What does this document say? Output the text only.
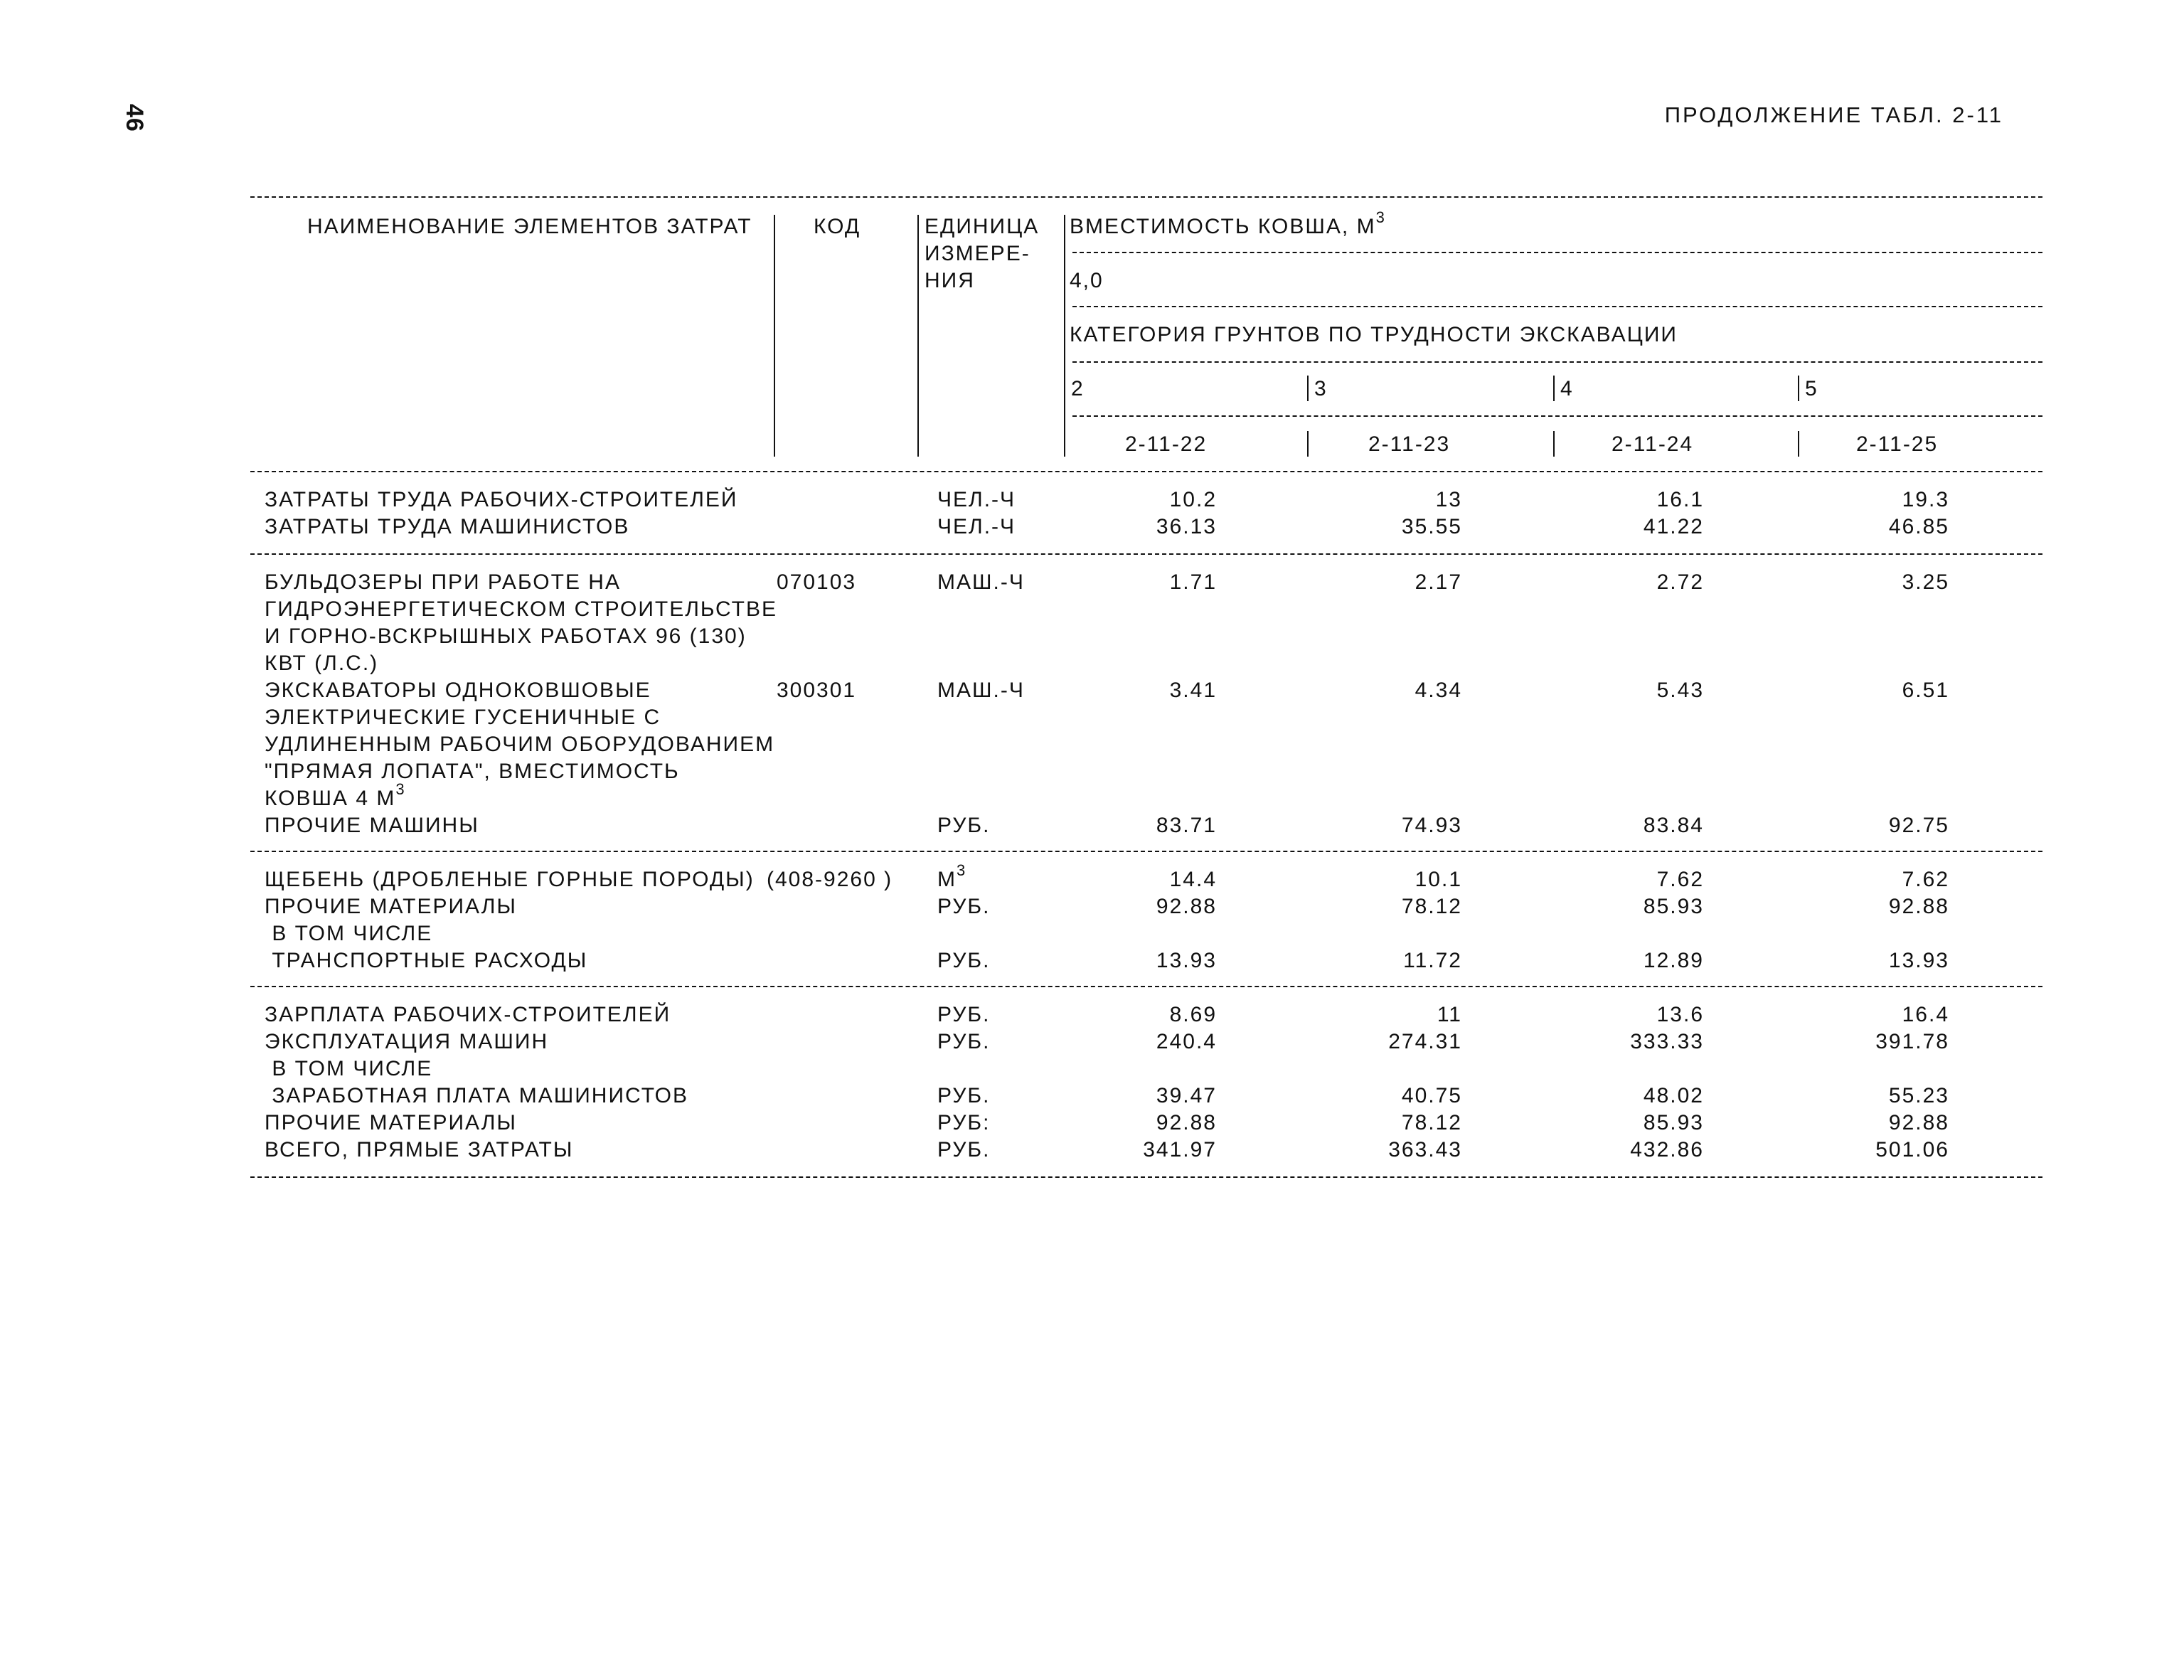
46	ПРОДОЛЖЕНИЕ ТАБЛ. 2-11
НАИМЕНОВАНИЕ ЭЛЕМЕНТОВ ЗАТРАТ	КОД	ЕДИНИЦА
ИЗМЕРЕ-
НИЯ
ВМЕСТИМОСТЬ КОВША, $М^3$
4,0
КАТЕГОРИЯ ГРУНТОВ ПО ТРУДНОСТИ ЭКСКАВАЦИИ
2	3	4	5
2-11-22	2-11-23	2-11-24	2-11-25
ЗАТРАТЫ ТРУДА РАБОЧИХ-СТРОИТЕЛЕЙ	ЧЕЛ.-Ч	10.2	13	16.1	19.3
ЗАТРАТЫ ТРУДА МАШИНИСТОВ	ЧЕЛ.-Ч	36.13	35.55	41.22	46.85
БУЛЬДОЗЕРЫ ПРИ РАБОТЕ НА
ГИДРОЭНЕРГЕТИЧЕСКОМ СТРОИТЕЛЬСТВЕ
И ГОРНО-ВСКРЫШНЫХ РАБОТАХ 96 (130)
КВТ (Л.С.)
070103	МАШ.-Ч	1.71	2.17	2.72	3.25
ЭКСКАВАТОРЫ ОДНОКОВШОВЫЕ
ЭЛЕКТРИЧЕСКИЕ ГУСЕНИЧНЫЕ С
УДЛИНЕННЫМ РАБОЧИМ ОБОРУДОВАНИЕМ
"ПРЯМАЯ ЛОПАТА", ВМЕСТИМОСТЬ
КОВША 4 $М^3$
300301	МАШ.-Ч	3.41	4.34	5.43	6.51
ПРОЧИЕ МАШИНЫ	РУБ.	83.71	74.93	83.84	92.75
ЩЕБЕНЬ (ДРОБЛЕНЫЕ ГОРНЫЕ ПОРОДЫ) (408-9260 ) $М^3$	14.4	10.1	7.62	7.62
ПРОЧИЕ МАТЕРИАЛЫ	РУБ.	92.88	78.12	85.93	92.88
В ТОМ ЧИСЛЕ
ТРАНСПОРТНЫЕ РАСХОДЫ	РУБ.	13.93	11.72	12.89	13.93
ЗАРПЛАТА РАБОЧИХ-СТРОИТЕЛЕЙ	РУБ.	8.69	11	13.6	16.4
ЭКСПЛУАТАЦИЯ МАШИН	РУБ.	240.4	274.31	333.33	391.78
В ТОМ ЧИСЛЕ
ЗАРАБОТНАЯ ПЛАТА МАШИНИСТОВ	РУБ.	39.47	40.75	48.02	55.23
ПРОЧИЕ МАТЕРИАЛЫ	РУБ:	92.88	78.12	85.93	92.88
ВСЕГО, ПРЯМЫЕ ЗАТРАТЫ	РУБ.	341.97	363.43	432.86	501.06
